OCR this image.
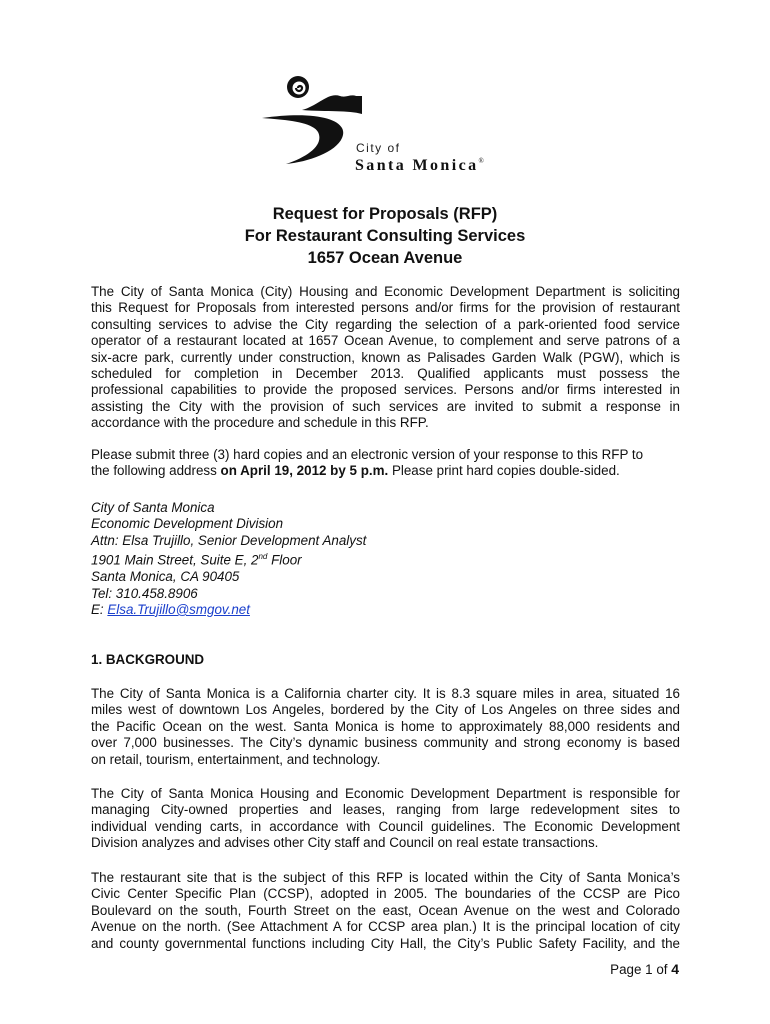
City of
Santa Monica®
Request for Proposals (RFP)
For Restaurant Consulting Services
1657 Ocean Avenue
The City of Santa Monica (City) Housing and Economic Development Department is soliciting
this Request for Proposals from interested persons and/or firms for the provision of restaurant
consulting services to advise the City regarding the selection of a park-oriented food service
operator of a restaurant located at 1657 Ocean Avenue, to complement and serve patrons of a
six-acre park, currently under construction, known as Palisades Garden Walk (PGW), which is
scheduled for completion in December 2013. Qualified applicants must possess the
professional capabilities to provide the proposed services. Persons and/or firms interested in
assisting the City with the provision of such services are invited to submit a response in
accordance with the procedure and schedule in this RFP.
Please submit three (3) hard copies and an electronic version of your response to this RFP to
the following address on April 19, 2012 by 5 p.m. Please print hard copies double-sided.
City of Santa Monica
Economic Development Division
Attn: Elsa Trujillo, Senior Development Analyst
1901 Main Street, Suite E, 2nd Floor
Santa Monica, CA 90405
Tel: 310.458.8906
E: Elsa.Trujillo@smgov.net
1. BACKGROUND
The City of Santa Monica is a California charter city. It is 8.3 square miles in area, situated 16
miles west of downtown Los Angeles, bordered by the City of Los Angeles on three sides and
the Pacific Ocean on the west. Santa Monica is home to approximately 88,000 residents and
over 7,000 businesses. The City’s dynamic business community and strong economy is based
on retail, tourism, entertainment, and technology.
The City of Santa Monica Housing and Economic Development Department is responsible for
managing City-owned properties and leases, ranging from large redevelopment sites to
individual vending carts, in accordance with Council guidelines. The Economic Development
Division analyzes and advises other City staff and Council on real estate transactions.
The restaurant site that is the subject of this RFP is located within the City of Santa Monica’s
Civic Center Specific Plan (CCSP), adopted in 2005. The boundaries of the CCSP are Pico
Boulevard on the south, Fourth Street on the east, Ocean Avenue on the west and Colorado
Avenue on the north. (See Attachment A for CCSP area plan.) It is the principal location of city
and county governmental functions including City Hall, the City’s Public Safety Facility, and the
Page 1 of 4
